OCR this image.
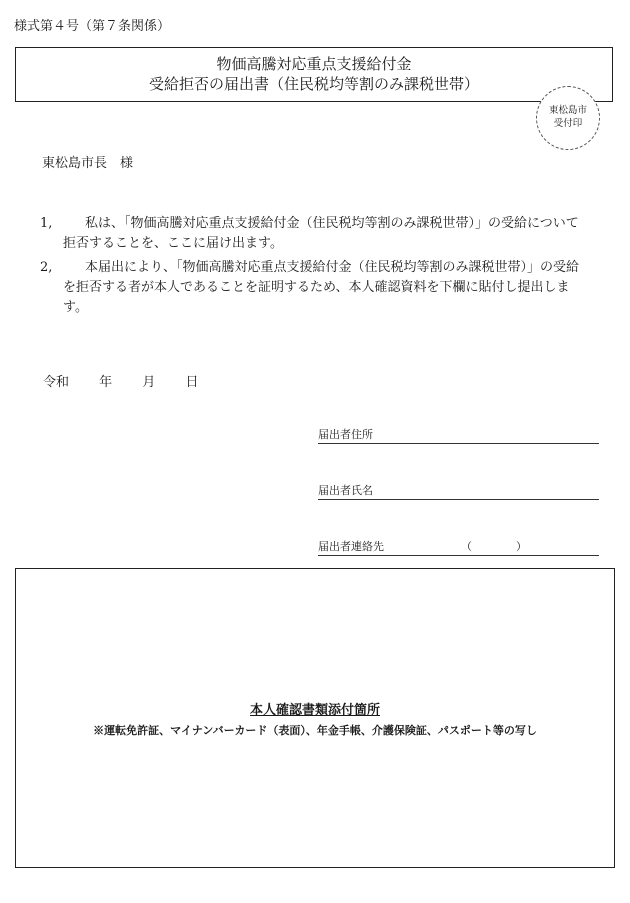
様式第４号（第７条関係）
物価高騰対応重点支援給付金
受給拒否の届出書（住民税均等割のみ課税世帯）
東松島市
受付印
東松島市長　様
1,	私は、「物価高騰対応重点支援給付金（住民税均等割のみ課税世帯）」の受給について拒否することを、ここに届け出ます。
2,	本届出により、「物価高騰対応重点支援給付金（住民税均等割のみ課税世帯）」の受給を拒否する者が本人であることを証明するため、本人確認資料を下欄に貼付し提出します。
令和 年 月 日
届出者住所
届出者氏名
届出者連絡先	（　　　　）
本人確認書類添付箇所
※運転免許証、マイナンバーカード（表面）、年金手帳、介護保険証、パスポート等の写し
